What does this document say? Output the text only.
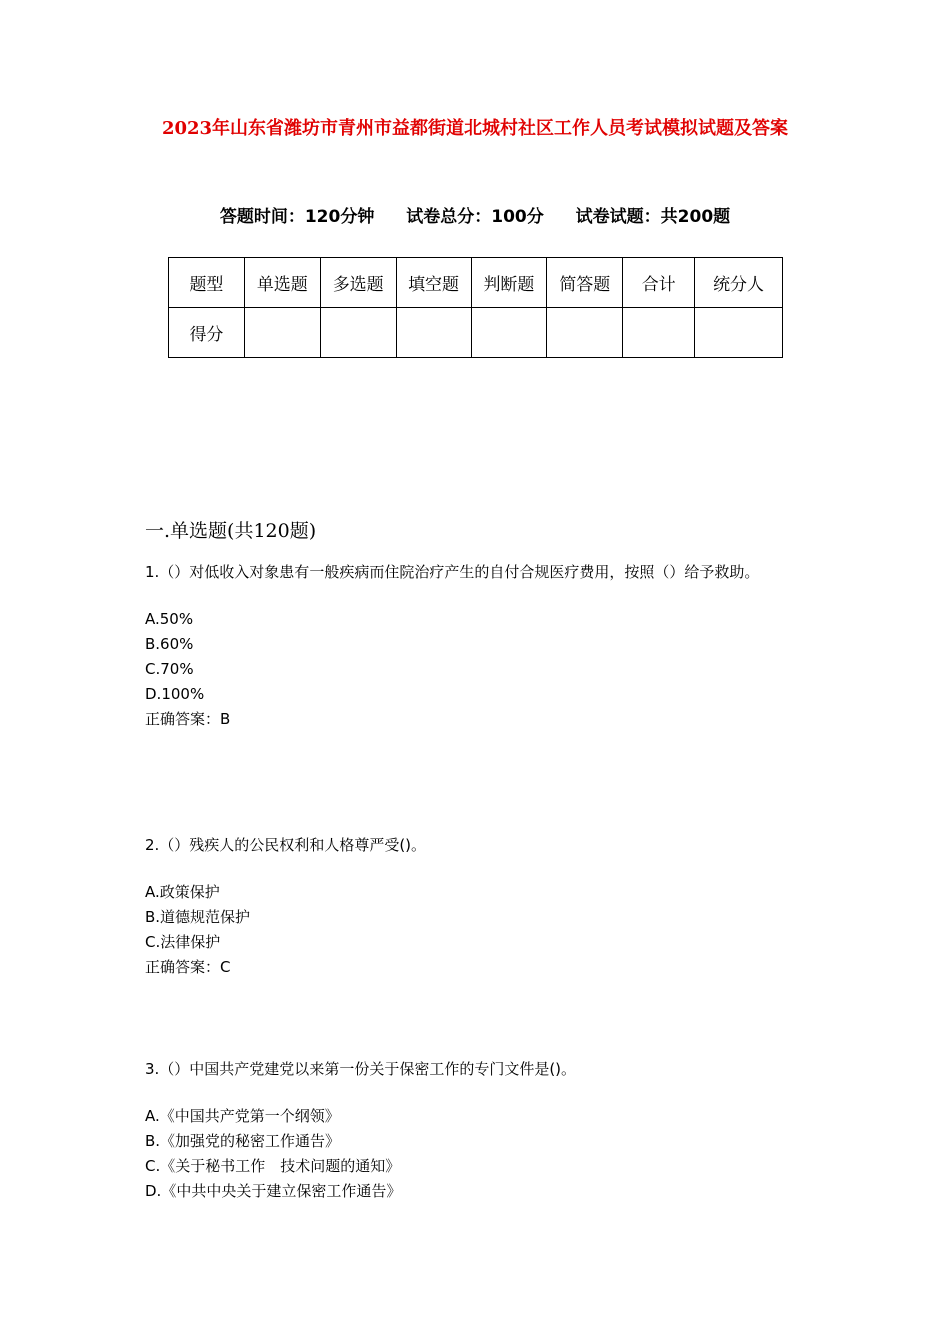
2023年山东省潍坊市青州市益都街道北城村社区工作人员考试模拟试题及答案
答题时间：120分钟 试卷总分：100分 试卷试题：共200题
题型	单选题	多选题	填空题	判断题	简答题	合计	统分人
得分							
一.单选题(共120题)
1.（）对低收入对象患有一般疾病而住院治疗产生的自付合规医疗费用，按照（）给予救助。
A.50%
B.60%
C.70%
D.100%
正确答案：B
2.（）残疾人的公民权利和人格尊严受()。
A.政策保护
B.道德规范保护
C.法律保护
正确答案：C
3.（）中国共产党建党以来第一份关于保密工作的专门文件是()。
A.《中国共产党第一个纲领》
B.《加强党的秘密工作通告》
C.《关于秘书工作　技术问题的通知》
D.《中共中央关于建立保密工作通告》
